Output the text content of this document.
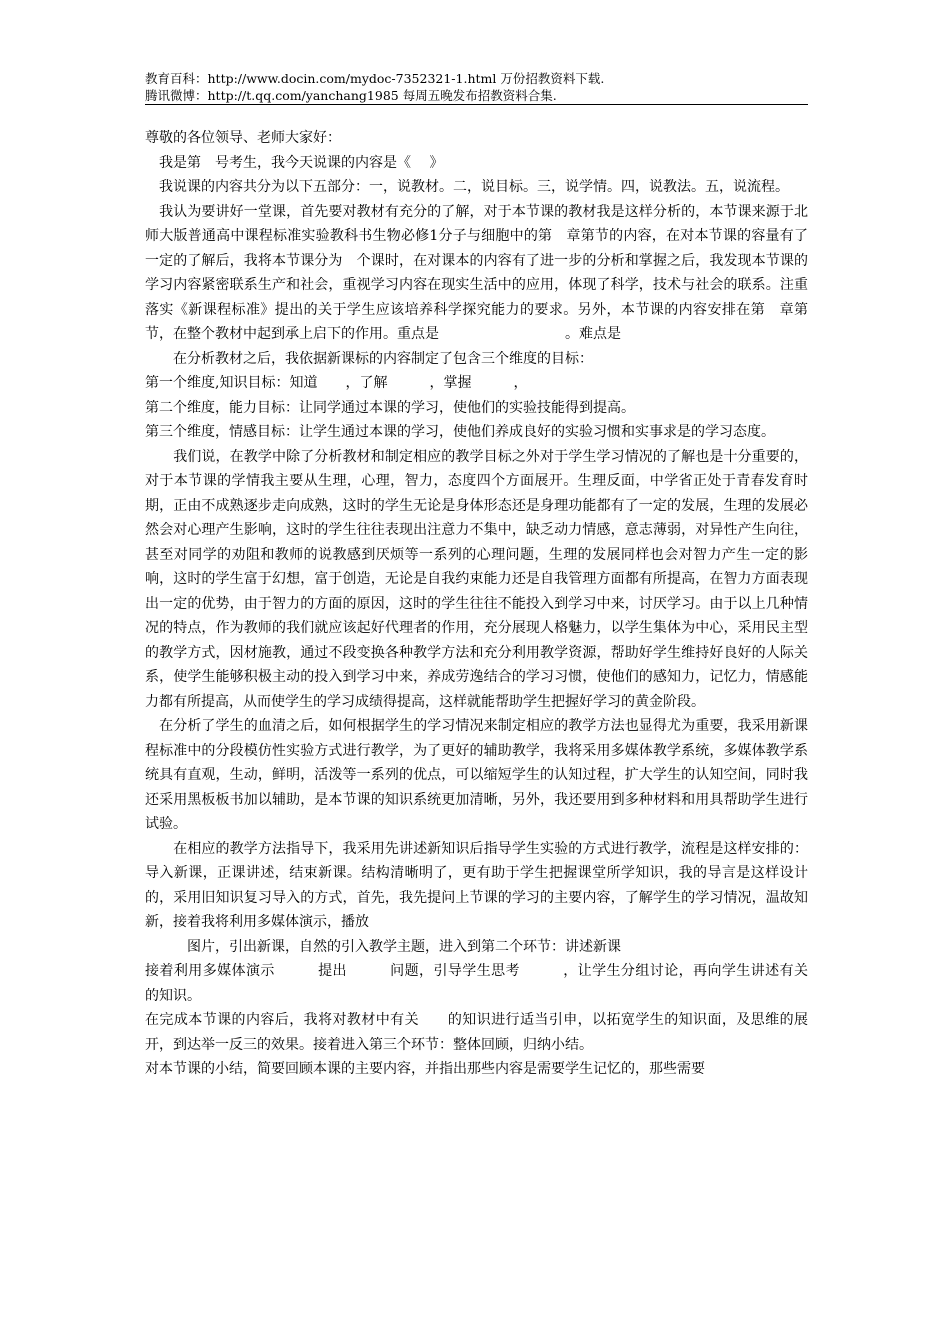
教育百科：http://www.docin.com/mydoc-7352321-1.html 万份招教资料下载.
腾讯微博：http://t.qq.com/yanchang1985 每周五晚发布招教资料合集.

尊敬的各位领导、老师大家好：

　我是第　号考生，我今天说课的内容是《　 》

　我说课的内容共分为以下五部分：一，说教材。二，说目标。三，说学情。四，说教法。五，说流程。

　我认为要讲好一堂课，首先要对教材有充分的了解，对于本节课的教材我是这样分析的，本节课来源于北师大版普通高中课程标准实验教科书生物必修1分子与细胞中的第　章第节的内容，在对本节课的容量有了一定的了解后，我将本节课分为　个课时，在对课本的内容有了进一步的分析和掌握之后，我发现本节课的学习内容紧密联系生产和社会，重视学习内容在现实生活中的应用，体现了科学，技术与社会的联系。注重落实《新课程标准》提出的关于学生应该培养科学探究能力的要求。另外，本节课的内容安排在第　章第　节，在整个教材中起到承上启下的作用。重点是　　　　　　　　　。难点是

　　在分析教材之后，我依据新课标的内容制定了包含三个维度的目标：

第一个维度,知识目标：知道　　，了解　　　，掌握　　　，

第二个维度，能力目标：让同学通过本课的学习，使他们的实验技能得到提高。

第三个维度，情感目标：让学生通过本课的学习，使他们养成良好的实验习惯和实事求是的学习态度。

　　我们说，在教学中除了分析教材和制定相应的教学目标之外对于学生学习情况的了解也是十分重要的，对于本节课的学情我主要从生理，心理，智力，态度四个方面展开。生理反面，中学省正处于青春发育时期，正由不成熟逐步走向成熟，这时的学生无论是身体形态还是身理功能都有了一定的发展，生理的发展必然会对心理产生影响，这时的学生往往表现出注意力不集中，缺乏动力情感，意志薄弱，对异性产生向往，甚至对同学的劝阻和教师的说教感到厌烦等一系列的心理问题，生理的发展同样也会对智力产生一定的影响，这时的学生富于幻想，富于创造，无论是自我约束能力还是自我管理方面都有所提高，在智力方面表现出一定的优势，由于智力的方面的原因，这时的学生往往不能投入到学习中来，讨厌学习。由于以上几种情况的特点，作为教师的我们就应该起好代理者的作用，充分展现人格魅力，以学生集体为中心，采用民主型的教学方式，因材施教，通过不段变换各种教学方法和充分利用教学资源，帮助好学生维持好良好的人际关系，使学生能够积极主动的投入到学习中来，养成劳逸结合的学习习惯，使他们的感知力，记忆力，情感能力都有所提高，从而使学生的学习成绩得提高，这样就能帮助学生把握好学习的黄金阶段。

　在分析了学生的血清之后，如何根据学生的学习情况来制定相应的教学方法也显得尤为重要，我采用新课程标准中的分段模仿性实验方式进行教学，为了更好的辅助教学，我将采用多媒体教学系统，多媒体教学系统具有直观，生动，鲜明，活泼等一系列的优点，可以缩短学生的认知过程，扩大学生的认知空间，同时我还采用黑板板书加以辅助，是本节课的知识系统更加清晰，另外，我还要用到多种材料和用具帮助学生进行试验。

　　在相应的教学方法指导下，我采用先讲述新知识后指导学生实验的方式进行教学，流程是这样安排的：导入新课，正课讲述，结束新课。结构清晰明了，更有助于学生把握课堂所学知识，我的导言是这样设计的，采用旧知识复习导入的方式，首先，我先提问上节课的学习的主要内容，了解学生的学习情况，温故知新，接着我将利用多媒体演示，播放

　　　图片，引出新课，自然的引入教学主题，进入到第二个环节：讲述新课

接着利用多媒体演示　　　提出　　　问题，引导学生思考　　　，让学生分组讨论，再向学生讲述有关　　　的知识。

在完成本节课的内容后，我将对教材中有关　　的知识进行适当引申，以拓宽学生的知识面，及思维的展开，到达举一反三的效果。接着进入第三个环节：整体回顾，归纳小结。

对本节课的小结，简要回顾本课的主要内容，并指出那些内容是需要学生记忆的，那些需要
